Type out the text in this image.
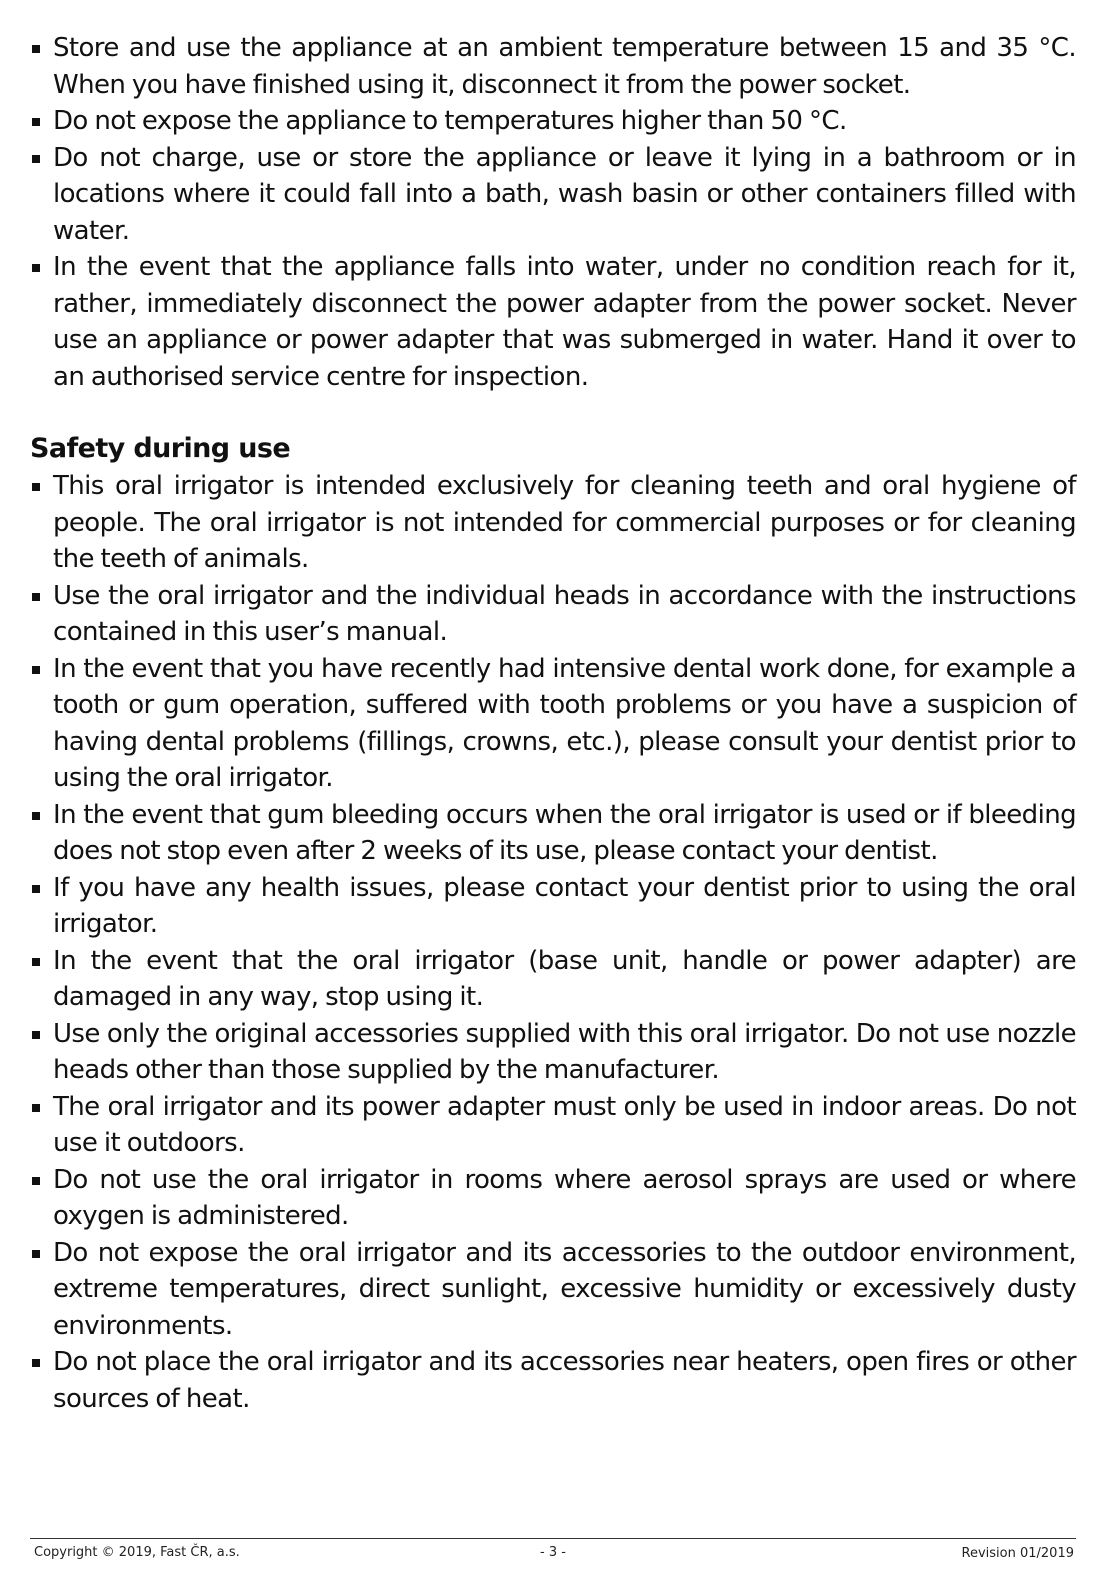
Store and use the appliance at an ambient temperature between 15 and 35 °C. When you have finished using it, disconnect it from the power socket.
Do not expose the appliance to temperatures higher than 50 °C.
Do not charge, use or store the appliance or leave it lying in a bathroom or in locations where it could fall into a bath, wash basin or other containers filled with water.
In the event that the appliance falls into water, under no condition reach for it, rather, immediately disconnect the power adapter from the power socket. Never use an appliance or power adapter that was submerged in water. Hand it over to an authorised service centre for inspection.
Safety during use
This oral irrigator is intended exclusively for cleaning teeth and oral hygiene of people. The oral irrigator is not intended for commercial purposes or for cleaning the teeth of animals.
Use the oral irrigator and the individual heads in accordance with the instructions contained in this user’s manual.
In the event that you have recently had intensive dental work done, for example a tooth or gum operation, suffered with tooth problems or you have a suspicion of having dental problems (fillings, crowns, etc.), please consult your dentist prior to using the oral irrigator.
In the event that gum bleeding occurs when the oral irrigator is used or if bleeding does not stop even after 2 weeks of its use, please contact your dentist.
If you have any health issues, please contact your dentist prior to using the oral irrigator.
In the event that the oral irrigator (base unit, handle or power adapter) are damaged in any way, stop using it.
Use only the original accessories supplied with this oral irrigator. Do not use nozzle heads other than those supplied by the manufacturer.
The oral irrigator and its power adapter must only be used in indoor areas. Do not use it outdoors.
Do not use the oral irrigator in rooms where aerosol sprays are used or where oxygen is administered.
Do not expose the oral irrigator and its accessories to the outdoor environment, extreme temperatures, direct sunlight, excessive humidity or excessively dusty environments.
Do not place the oral irrigator and its accessories near heaters, open fires or other sources of heat.
Copyright © 2019, Fast ČR, a.s.	- 3 -	Revision 01/2019
